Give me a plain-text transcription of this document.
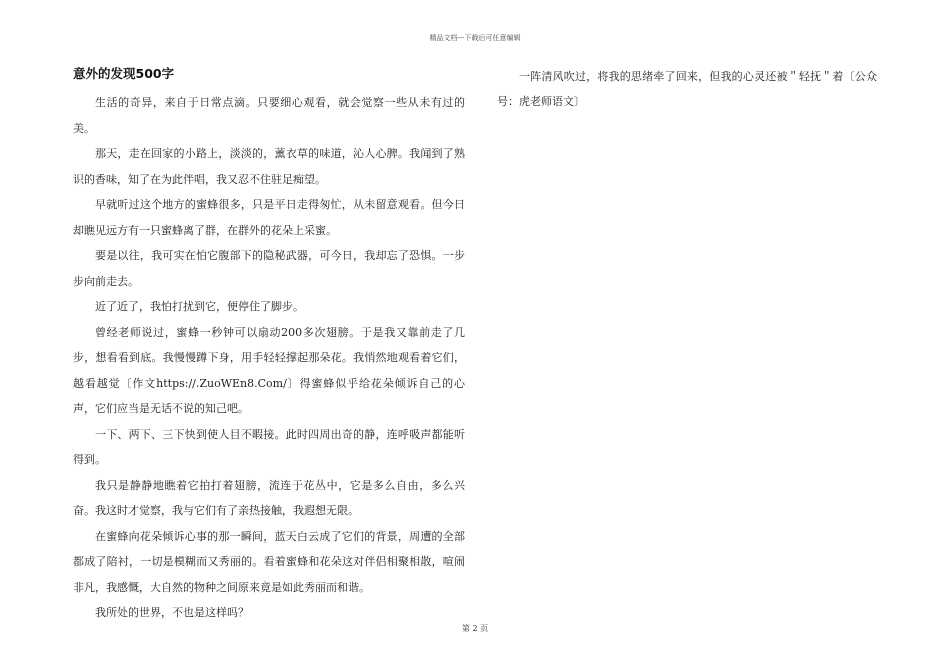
精品文档---下载后可任意编辑
意外的发现500字

生活的奇异，来自于日常点滴。只要细心观看，就会觉察一些从未有过的美。

那天，走在回家的小路上，淡淡的，薰衣草的味道，沁人心脾。我闻到了熟识的香味，知了在为此伴唱，我又忍不住驻足痴望。

早就听过这个地方的蜜蜂很多，只是平日走得匆忙，从未留意观看。但今日却瞧见远方有一只蜜蜂离了群，在群外的花朵上采蜜。

要是以往，我可实在怕它腹部下的隐秘武器，可今日，我却忘了恐惧。一步步向前走去。

近了近了，我怕打扰到它，便停住了脚步。

曾经老师说过，蜜蜂一秒钟可以扇动200多次翅膀。于是我又靠前走了几步，想看看到底。我慢慢蹲下身，用手轻轻撑起那朵花。我悄然地观看着它们，越看越觉〔作文https://.ZuoWEn8.Com/〕得蜜蜂似乎给花朵倾诉自己的心声，它们应当是无话不说的知己吧。

一下、两下、三下快到使人目不暇接。此时四周出奇的静，连呼吸声都能听得到。

我只是静静地瞧着它拍打着翅膀，流连于花丛中，它是多么自由，多么兴奋。我这时才觉察，我与它们有了亲热接触，我遐想无限。

在蜜蜂向花朵倾诉心事的那一瞬间，蓝天白云成了它们的背景，周遭的全部都成了陪衬，一切是模糊而又秀丽的。看着蜜蜂和花朵这对伴侣相聚相散，喧闹非凡，我感慨，大自然的物种之间原来竟是如此秀丽而和谐。

我所处的世界，不也是这样吗？

一阵清风吹过，将我的思绪牵了回来，但我的心灵还被＂轻抚＂着〔公众号：虎老师语文〕

第 2 页
